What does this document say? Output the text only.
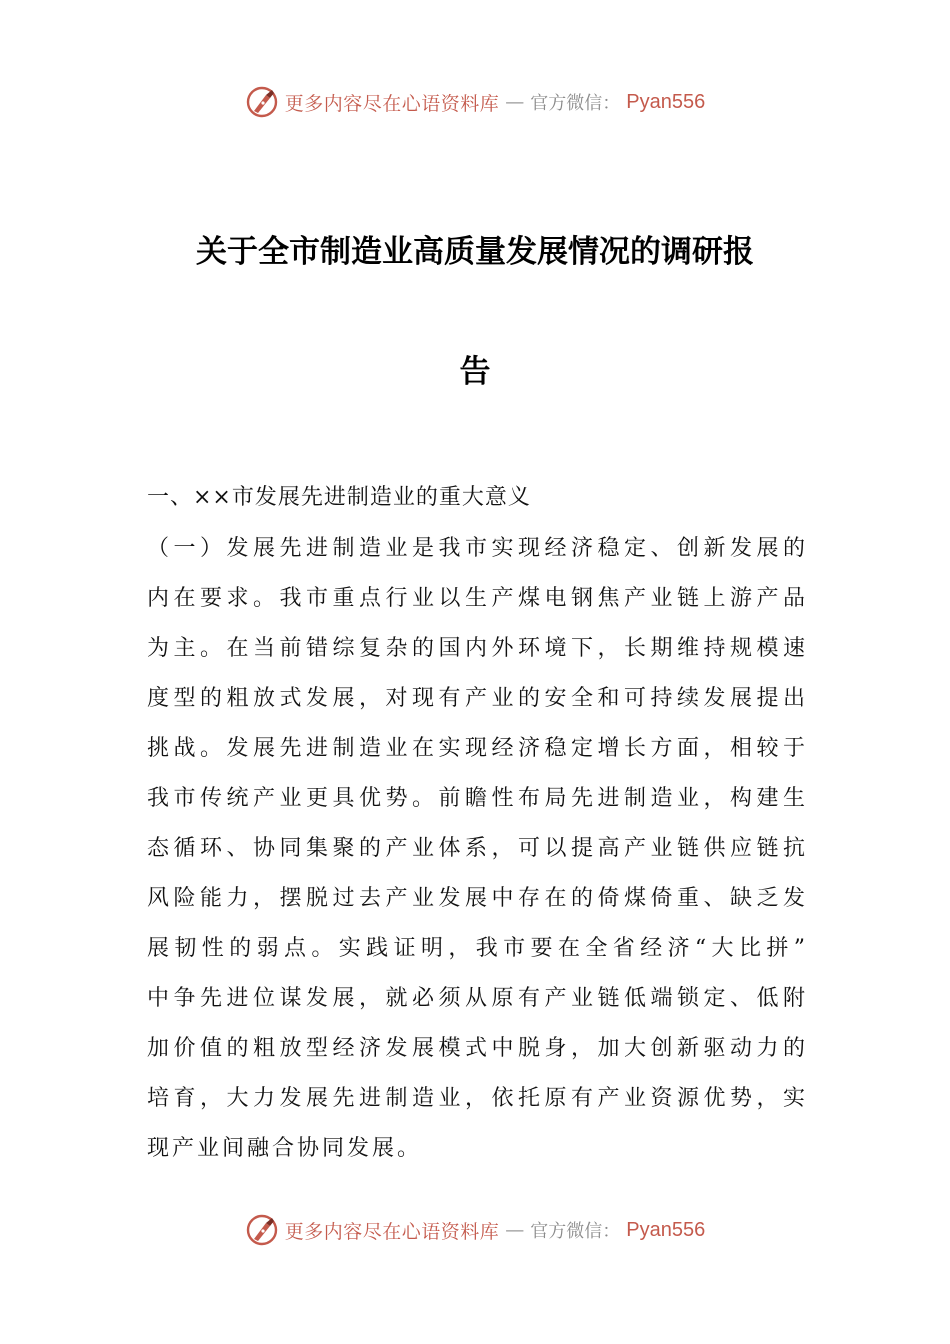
更多内容尽在心语资料库 — 官方微信： Pyan556
关于全市制造业高质量发展情况的调研报
告
一、××市发展先进制造业的重大意义
（一）发展先进制造业是我市实现经济稳定、创新发展的
内在要求。我市重点行业以生产煤电钢焦产业链上游产品
为主。在当前错综复杂的国内外环境下，长期维持规模速
度型的粗放式发展，对现有产业的安全和可持续发展提出
挑战。发展先进制造业在实现经济稳定增长方面，相较于
我市传统产业更具优势。前瞻性布局先进制造业，构建生
态循环、协同集聚的产业体系，可以提高产业链供应链抗
风险能力，摆脱过去产业发展中存在的倚煤倚重、缺乏发
展韧性的弱点。实践证明，我市要在全省经济“大比拼”
中争先进位谋发展，就必须从原有产业链低端锁定、低附
加价值的粗放型经济发展模式中脱身，加大创新驱动力的
培育，大力发展先进制造业，依托原有产业资源优势，实
现产业间融合协同发展。
更多内容尽在心语资料库 — 官方微信： Pyan556
